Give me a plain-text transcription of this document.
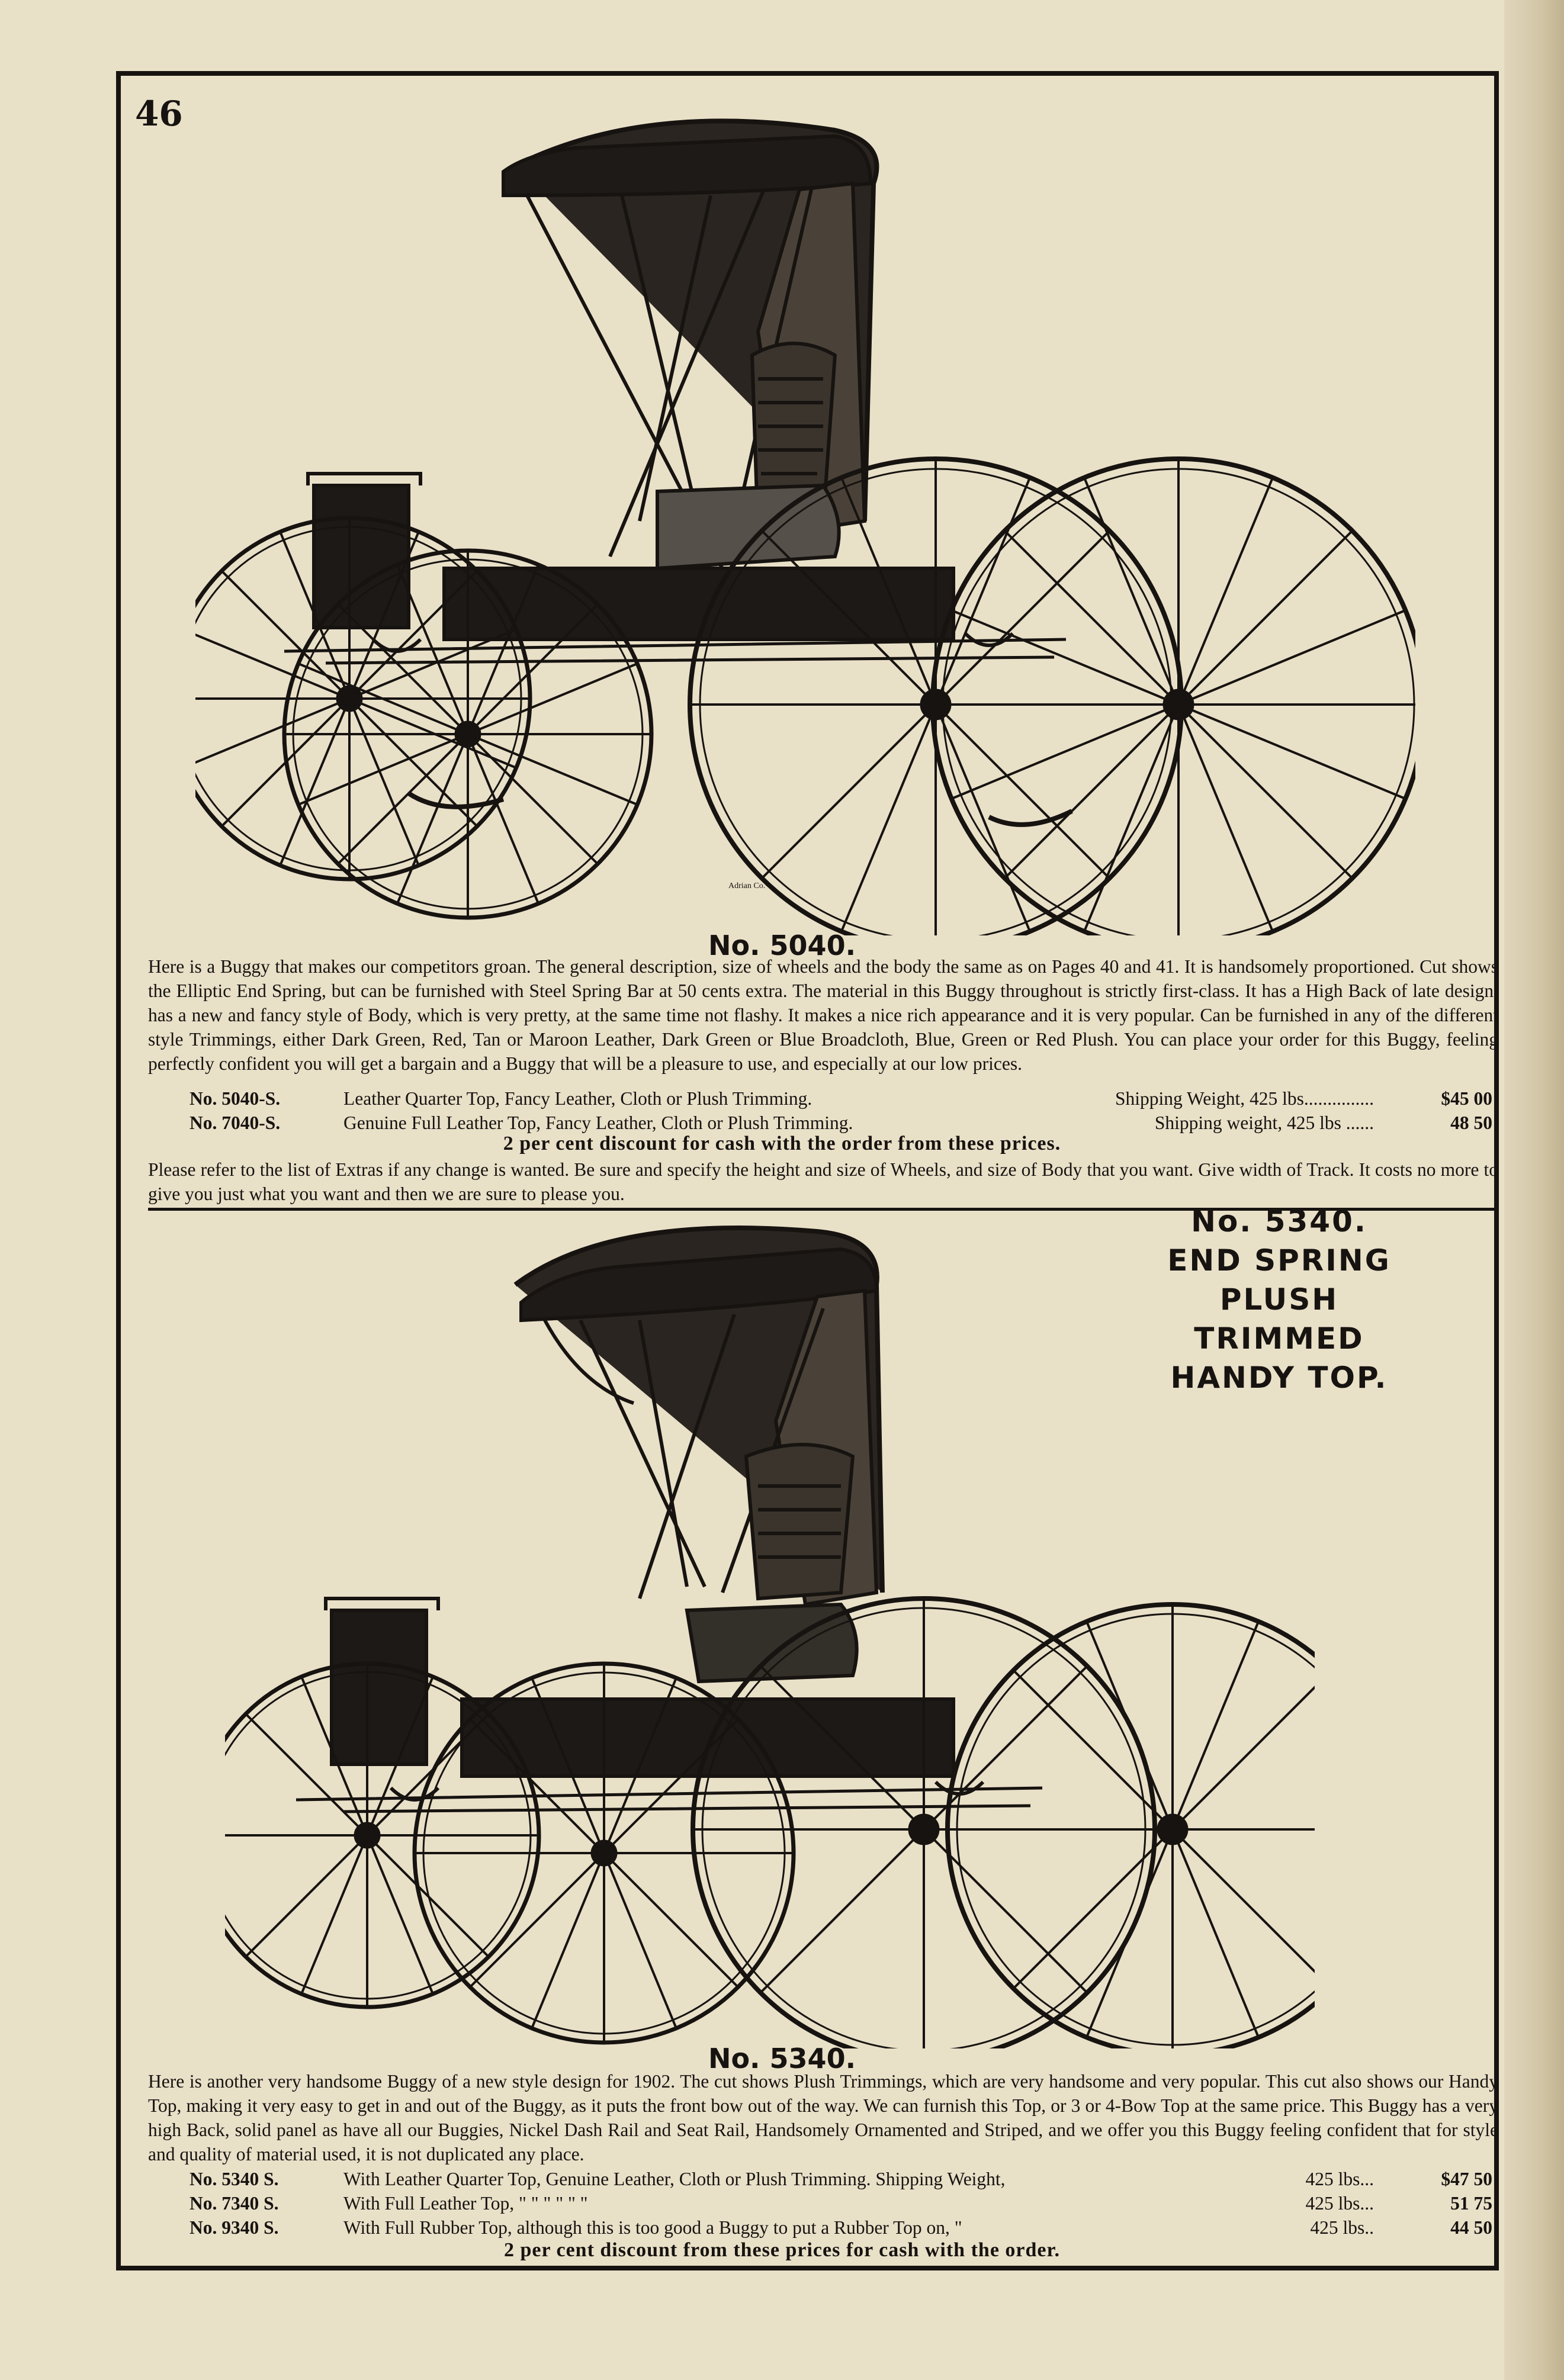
46

Adrian Co.
No. 5040.

Here is a Buggy that makes our competitors groan. The general description, size of wheels and the body the same as on Pages 40 and 41. It is handsomely proportioned. Cut shows the Elliptic End Spring, but can be furnished with Steel Spring Bar at 50 cents extra. The material in this Buggy throughout is strictly first-class. It has a High Back of late design, has a new and fancy style of Body, which is very pretty, at the same time not flashy. It makes a nice rich appearance and it is very popular. Can be furnished in any of the different style Trimmings, either Dark Green, Red, Tan or Maroon Leather, Dark Green or Blue Broadcloth, Blue, Green or Red Plush. You can place your order for this Buggy, feeling perfectly confident you will get a bargain and a Buggy that will be a pleasure to use, and especially at our low prices.

No. 5040-S.	Leather Quarter Top, Fancy Leather, Cloth or Plush Trimming.	Shipping Weight, 425 lbs...............	$45 00
No. 7040-S.	Genuine Full Leather Top, Fancy Leather, Cloth or Plush Trimming.	Shipping weight, 425 lbs ......	48 50

2 per cent discount for cash with the order from these prices.

Please refer to the list of Extras if any change is wanted. Be sure and specify the height and size of Wheels, and size of Body that you want. Give width of Track. It costs no more to give you just what you want and then we are sure to please you.

No. 5340.
END SPRING
PLUSH
TRIMMED
HANDY TOP.
No. 5340.

Here is another very handsome Buggy of a new style design for 1902. The cut shows Plush Trimmings, which are very handsome and very popular. This cut also shows our Handy Top, making it very easy to get in and out of the Buggy, as it puts the front bow out of the way. We can furnish this Top, or 3 or 4-Bow Top at the same price. This Buggy has a very high Back, solid panel as have all our Buggies, Nickel Dash Rail and Seat Rail, Handsomely Ornamented and Striped, and we offer you this Buggy feeling confident that for style and quality of material used, it is not duplicated any place.

No. 5340 S.	With Leather Quarter Top, Genuine Leather, Cloth or Plush Trimming. Shipping Weight,	425 lbs...	$47 50
No. 7340 S.	With Full Leather Top, " " " " " "	425 lbs...	51 75
No. 9340 S.	With Full Rubber Top, although this is too good a Buggy to put a Rubber Top on, "	425 lbs..	44 50

2 per cent discount from these prices for cash with the order.
